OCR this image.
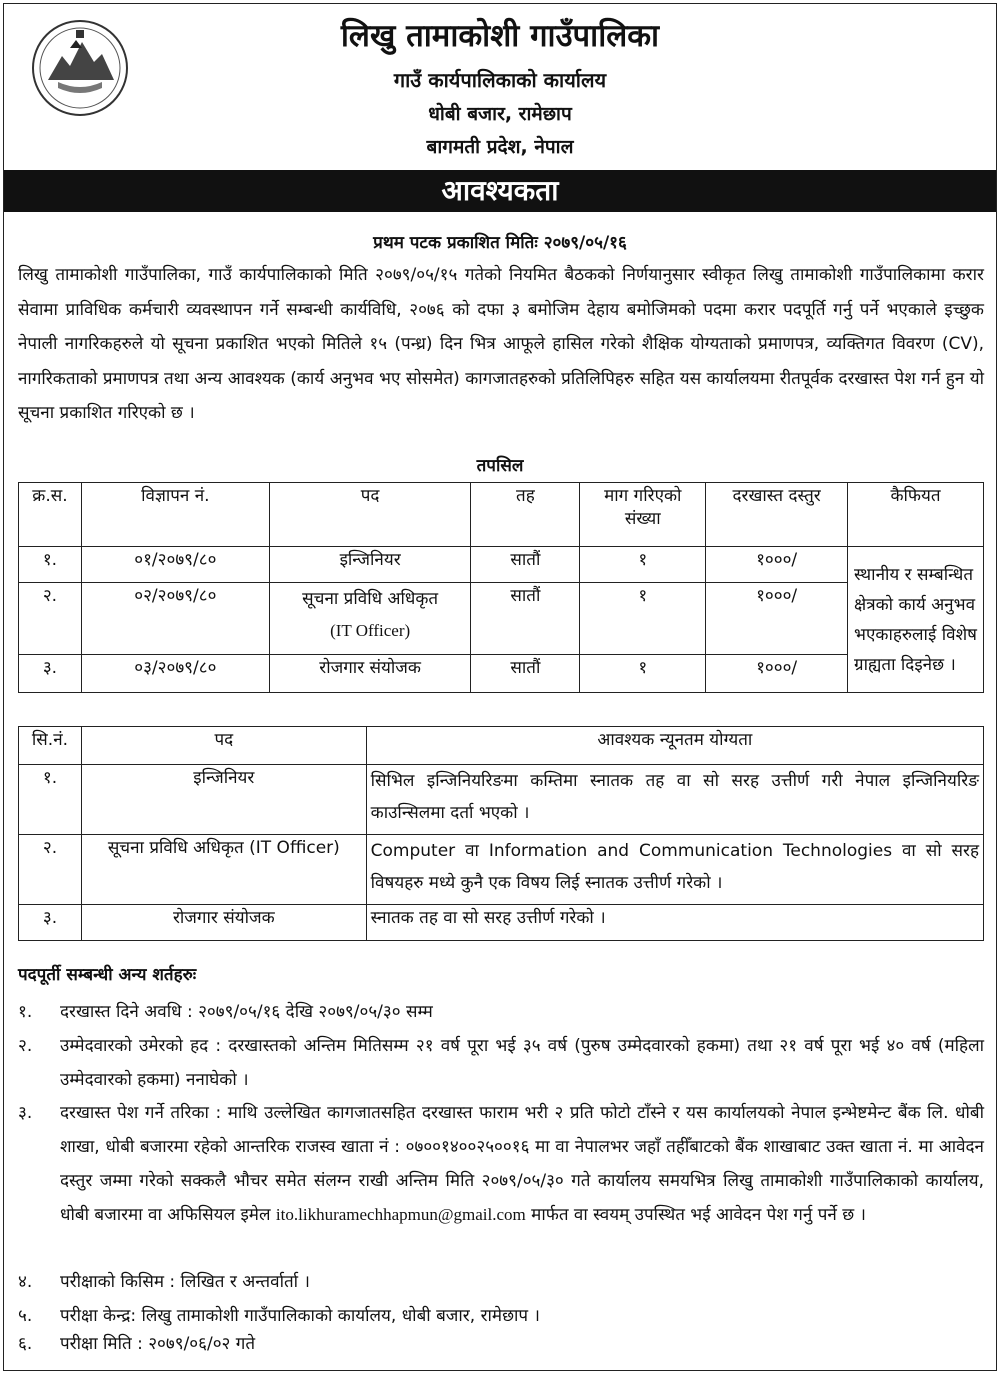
लिखु तामाकोशी गाउँपालिका
गाउँ कार्यपालिकाको कार्यालय
धोबी बजार, रामेछाप
बागमती प्रदेश, नेपाल
आवश्यकता
प्रथम पटक प्रकाशित मितिः २०७९/०५/१६
लिखु तामाकोशी गाउँपालिका, गाउँ कार्यपालिकाको मिति २०७९/०५/१५ गतेको नियमित बैठकको निर्णयानुसार स्वीकृत लिखु तामाकोशी गाउँपालिकामा करार सेवामा प्राविधिक कर्मचारी व्यवस्थापन गर्ने सम्बन्धी कार्यविधि, २०७६ को दफा ३ बमोजिम देहाय बमोजिमको पदमा करार पदपूर्ति गर्नु पर्ने भएकाले इच्छुक नेपाली नागरिकहरुले यो सूचना प्रकाशित भएको मितिले १५ (पन्ध्र) दिन भित्र आफूले हासिल गरेको शैक्षिक योग्यताको प्रमाणपत्र, व्यक्तिगत विवरण (CV), नागरिकताको प्रमाणपत्र तथा अन्य आवश्यक (कार्य अनुभव भए सोसमेत) कागजातहरुको प्रतिलिपिहरु सहित यस कार्यालयमा रीतपूर्वक दरखास्त पेश गर्न हुन यो सूचना प्रकाशित गरिएको छ ।
तपसिल
क्र.स.	विज्ञापन नं.	पद	तह	माग गरिएको संख्या	दरखास्त दस्तुर	कैफियत
१.	०१/२०७९/८०	इन्जिनियर	सातौं	१	१०००/	स्थानीय र सम्बन्धित क्षेत्रको कार्य अनुभव भएकाहरुलाई विशेष ग्राह्यता दिइनेछ ।
२.	०२/२०७९/८०	सूचना प्रविधि अधिकृत
(IT Officer)	सातौं	१	१०००/	
३.	०३/२०७९/८०	रोजगार संयोजक	सातौं	१	१०००/	
सि.नं.	पद	आवश्यक न्यूनतम योग्यता
१.	इन्जिनियर	सिभिल इन्जिनियरिङमा कम्तिमा स्नातक तह वा सो सरह उत्तीर्ण गरी नेपाल इन्जिनियरिङ काउन्सिलमा दर्ता भएको ।
२.	सूचना प्रविधि अधिकृत (IT Officer)	Computer वा Information and Communication Technologies वा सो सरह विषयहरु मध्ये कुनै एक विषय लिई स्नातक उत्तीर्ण गरेको ।
३.	रोजगार संयोजक	स्नातक तह वा सो सरह उत्तीर्ण गरेको ।
पदपूर्ती सम्बन्धी अन्य शर्तहरुः
१.	दरखास्त दिने अवधि : २०७९/०५/१६ देखि २०७९/०५/३० सम्म
२.	उम्मेदवारको उमेरको हद : दरखास्तको अन्तिम मितिसम्म २१ वर्ष पूरा भई ३५ वर्ष (पुरुष उम्मेदवारको हकमा) तथा २१ वर्ष पूरा भई ४० वर्ष (महिला उम्मेदवारको हकमा) ननाघेको ।
३.	दरखास्त पेश गर्ने तरिका : माथि उल्लेखित कागजातसहित दरखास्त फाराम भरी २ प्रति फोटो टाँस्ने र यस कार्यालयको नेपाल इन्भेष्टमेन्ट बैंक लि. धोबी शाखा, धोबी बजारमा रहेको आन्तरिक राजस्व खाता नं : ०७००१४००२५००१६ मा वा नेपालभर जहाँ तहीँबाटको बैंक शाखाबाट उक्त खाता नं. मा आवेदन दस्तुर जम्मा गरेको सक्कलै भौचर समेत संलग्न राखी अन्तिम मिति २०७९/०५/३० गते कार्यालय समयभित्र लिखु तामाकोशी गाउँपालिकाको कार्यालय, धोबी बजारमा वा अफिसियल इमेल ito.likhuramechhapmun@gmail.com मार्फत वा स्वयम् उपस्थित भई आवेदन पेश गर्नु पर्ने छ ।
४.	परीक्षाको किसिम : लिखित र अन्तर्वार्ता ।
५.	परीक्षा केन्द्र: लिखु तामाकोशी गाउँपालिकाको कार्यालय, धोबी बजार, रामेछाप ।
६.	परीक्षा मिति : २०७९/०६/०२ गते
